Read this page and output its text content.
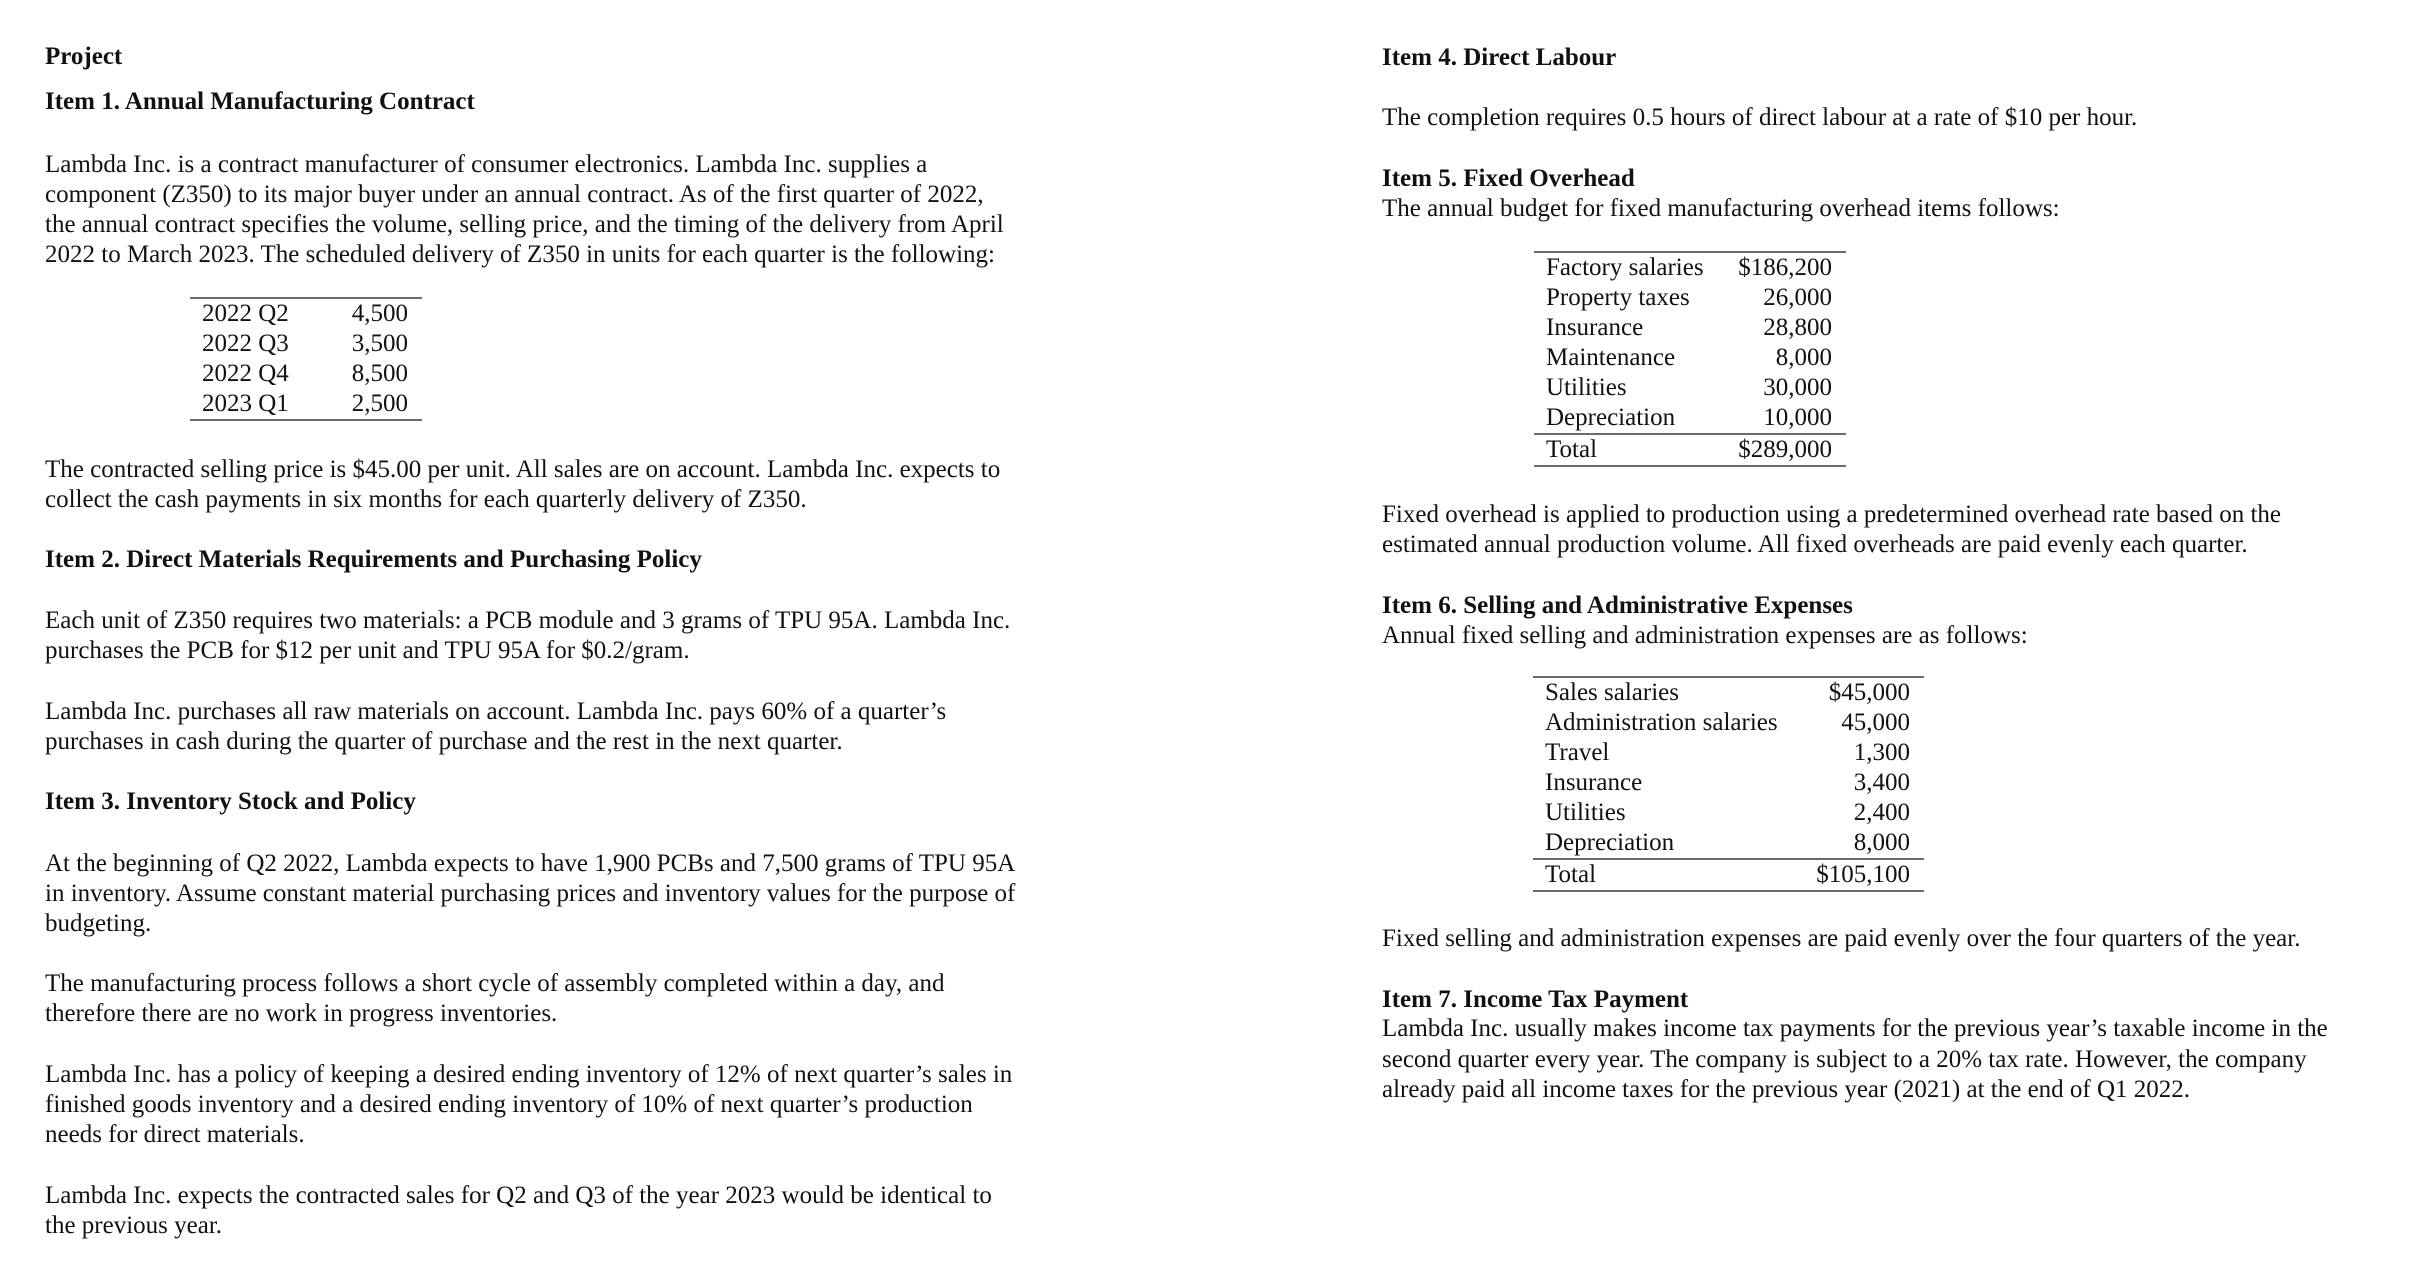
Project
Item 1. Annual Manufacturing Contract
Lambda Inc. is a contract manufacturer of consumer electronics. Lambda Inc. supplies a
component (Z350) to its major buyer under an annual contract. As of the first quarter of 2022,
the annual contract specifies the volume, selling price, and the timing of the delivery from April
2022 to March 2023. The scheduled delivery of Z350 in units for each quarter is the following:
2022 Q2	4,500
2022 Q3	3,500
2022 Q4	8,500
2023 Q1	2,500
The contracted selling price is $45.00 per unit. All sales are on account. Lambda Inc. expects to
collect the cash payments in six months for each quarterly delivery of Z350.
Item 2. Direct Materials Requirements and Purchasing Policy
Each unit of Z350 requires two materials: a PCB module and 3 grams of TPU 95A. Lambda Inc.
purchases the PCB for $12 per unit and TPU 95A for $0.2/gram.
Lambda Inc. purchases all raw materials on account. Lambda Inc. pays 60% of a quarter’s
purchases in cash during the quarter of purchase and the rest in the next quarter.
Item 3. Inventory Stock and Policy
At the beginning of Q2 2022, Lambda expects to have 1,900 PCBs and 7,500 grams of TPU 95A
in inventory. Assume constant material purchasing prices and inventory values for the purpose of
budgeting.
The manufacturing process follows a short cycle of assembly completed within a day, and
therefore there are no work in progress inventories.
Lambda Inc. has a policy of keeping a desired ending inventory of 12% of next quarter’s sales in
finished goods inventory and a desired ending inventory of 10% of next quarter’s production
needs for direct materials.
Lambda Inc. expects the contracted sales for Q2 and Q3 of the year 2023 would be identical to
the previous year.
Item 4. Direct Labour
The completion requires 0.5 hours of direct labour at a rate of $10 per hour.
Item 5. Fixed Overhead
The annual budget for fixed manufacturing overhead items follows:
Factory salaries $186,200
Property taxes	26,000
Insurance	28,800
Maintenance	8,000
Utilities	30,000
Depreciation	10,000
Total	$289,000
Fixed overhead is applied to production using a predetermined overhead rate based on the
estimated annual production volume. All fixed overheads are paid evenly each quarter.
Item 6. Selling and Administrative Expenses
Annual fixed selling and administration expenses are as follows:
Sales salaries	$45,000
Administration salaries	45,000
Travel	1,300
Insurance	3,400
Utilities	2,400
Depreciation	8,000
Total	$105,100
Fixed selling and administration expenses are paid evenly over the four quarters of the year.
Item 7. Income Tax Payment
Lambda Inc. usually makes income tax payments for the previous year’s taxable income in the
second quarter every year. The company is subject to a 20% tax rate. However, the company
already paid all income taxes for the previous year (2021) at the end of Q1 2022.
